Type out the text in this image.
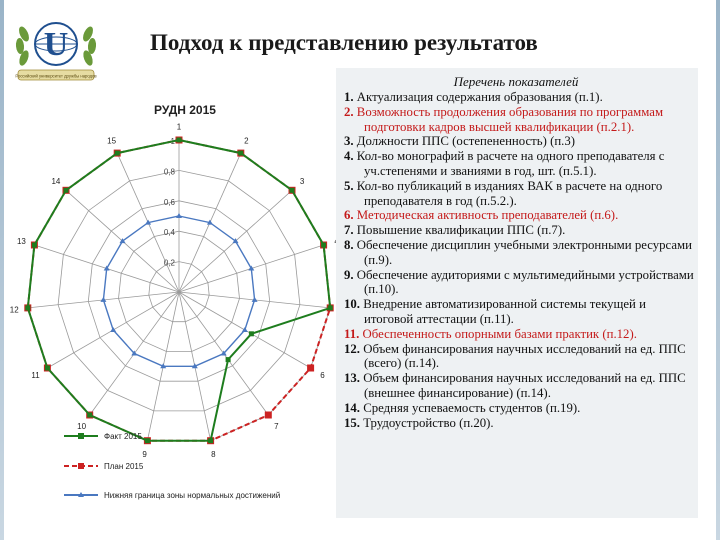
U
Российский университет дружбы народов
Подход к представлению результатов
0,2
0,4
0,6
0,8
1
1
2
3
6
7
8
9
10
11
12
13
14
15
РУДН 2015
Факт 2015
План 2015
Нижняя граница зоны нормальных достижений
Перечень показателей
1. Актуализация содержания образования (п.1).
2. Возможность продолжения образования по программам подготовки кадров высшей квалификации (п.2.1).
3. Должности ППС (остепененность) (п.3)
4. Кол-во монографий в расчете на одного преподавателя с уч.степенями и званиями в год, шт. (п.5.1).
5. Кол-во публикаций в изданиях ВАК в расчете на одного преподавателя в год (п.5.2.).
6. Методическая активность преподавателей (п.6).
7. Повышение квалификации ППС (п.7).
8. Обеспечение дисциплин учебными электронными ресурсами (п.9).
9. Обеспечение аудиториями с мультимедийными устройствами (п.10).
10. Внедрение автоматизированной системы текущей и итоговой аттестации (п.11).
11. Обеспеченность опорными базами практик (п.12).
12. Объем финансирования научных исследований на ед. ППС (всего) (п.14).
13. Объем финансирования научных исследований на ед. ППС (внешнее финансирование) (п.14).
14. Средняя успеваемость студентов (п.19).
15. Трудоустройство (п.20).
